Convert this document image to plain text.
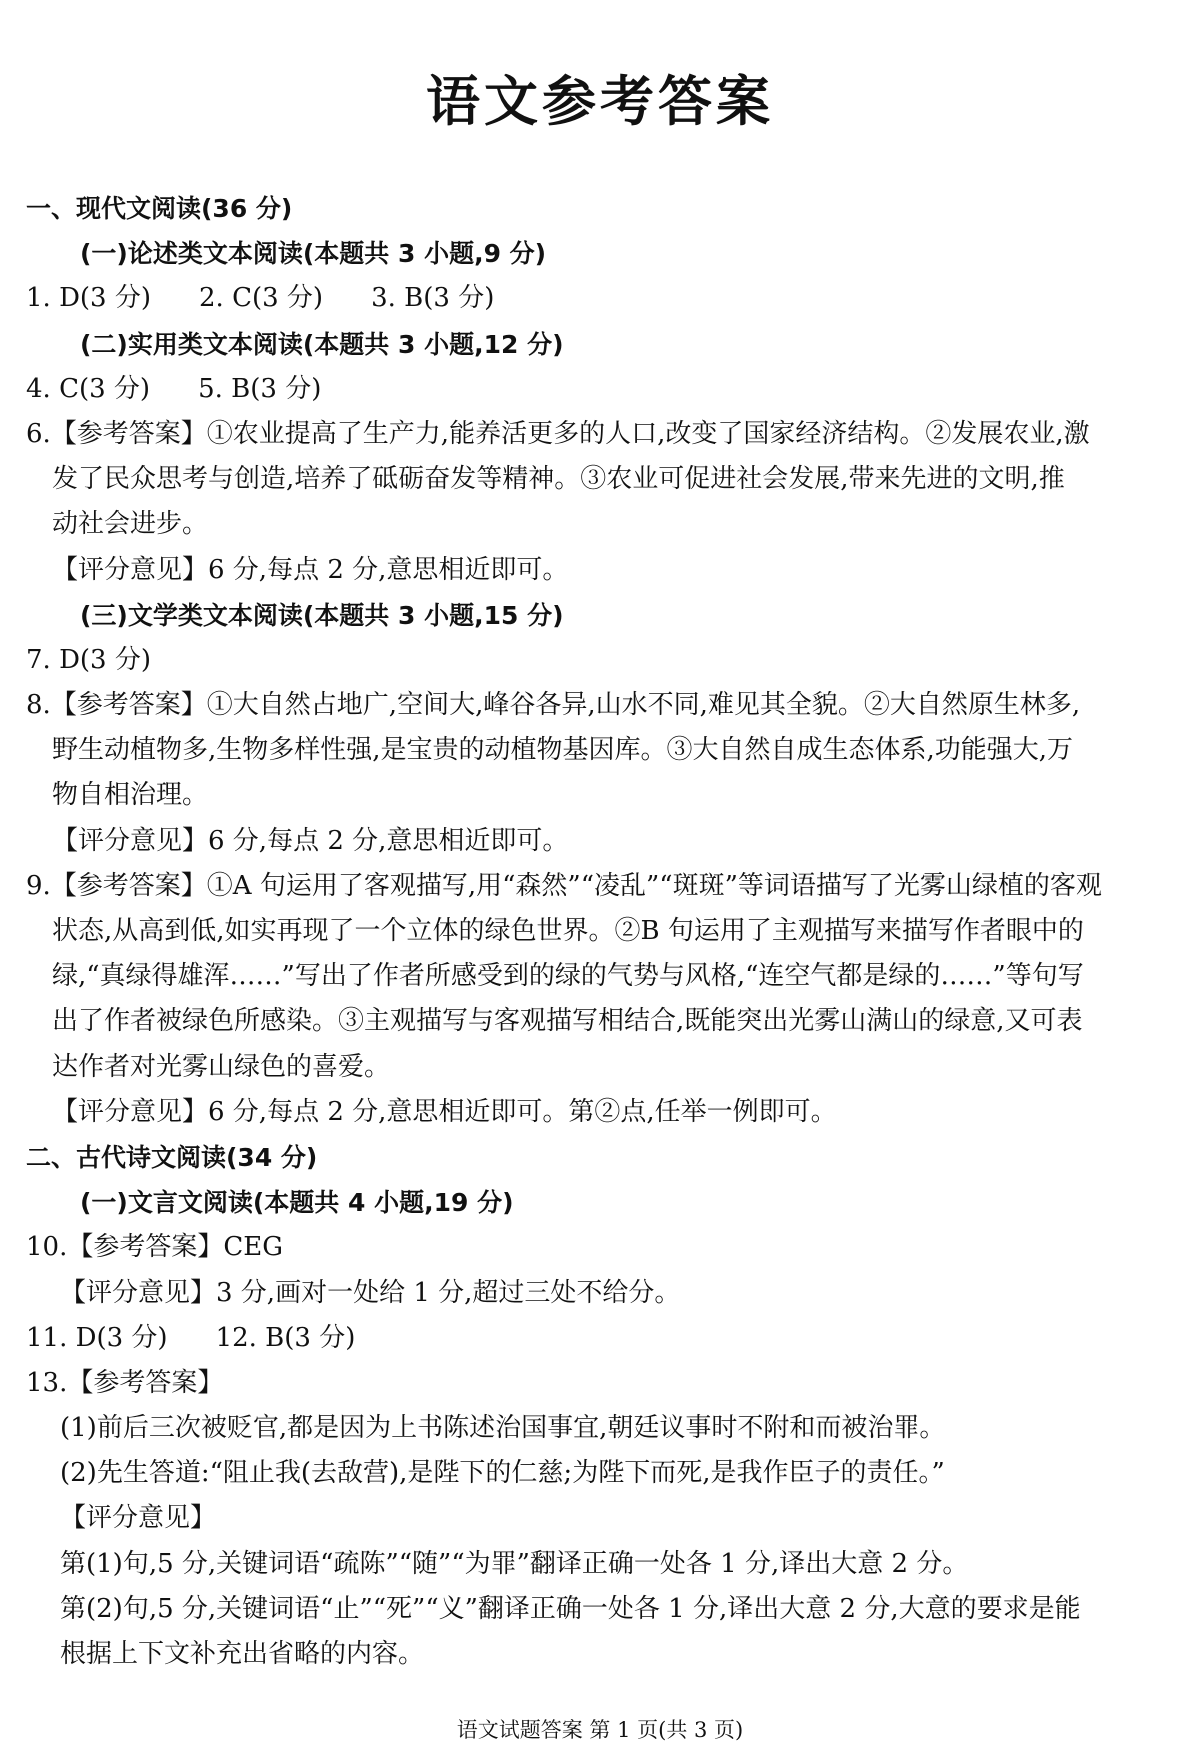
语文参考答案
一、现代文阅读(36 分)
(一)论述类文本阅读(本题共 3 小题,9 分)
1. D(3 分) 2. C(3 分) 3. B(3 分)
(二)实用类文本阅读(本题共 3 小题,12 分)
4. C(3 分) 5. B(3 分)
6.【参考答案】①农业提高了生产力,能养活更多的人口,改变了国家经济结构。②发展农业,激
发了民众思考与创造,培养了砥砺奋发等精神。③农业可促进社会发展,带来先进的文明,推
动社会进步。
【评分意见】6 分,每点 2 分,意思相近即可。
(三)文学类文本阅读(本题共 3 小题,15 分)
7. D(3 分)
8.【参考答案】①大自然占地广,空间大,峰谷各异,山水不同,难见其全貌。②大自然原生林多,
野生动植物多,生物多样性强,是宝贵的动植物基因库。③大自然自成生态体系,功能强大,万
物自相治理。
【评分意见】6 分,每点 2 分,意思相近即可。
9.【参考答案】①A 句运用了客观描写,用“森然”“凌乱”“斑斑”等词语描写了光雾山绿植的客观
状态,从高到低,如实再现了一个立体的绿色世界。②B 句运用了主观描写来描写作者眼中的
绿,“真绿得雄浑……”写出了作者所感受到的绿的气势与风格,“连空气都是绿的……”等句写
出了作者被绿色所感染。③主观描写与客观描写相结合,既能突出光雾山满山的绿意,又可表
达作者对光雾山绿色的喜爱。
【评分意见】6 分,每点 2 分,意思相近即可。第②点,任举一例即可。
二、古代诗文阅读(34 分)
(一)文言文阅读(本题共 4 小题,19 分)
10.【参考答案】CEG
【评分意见】3 分,画对一处给 1 分,超过三处不给分。
11. D(3 分) 12. B(3 分)
13.【参考答案】
(1)前后三次被贬官,都是因为上书陈述治国事宜,朝廷议事时不附和而被治罪。
(2)先生答道:“阻止我(去敌营),是陛下的仁慈;为陛下而死,是我作臣子的责任。”
【评分意见】
第(1)句,5 分,关键词语“疏陈”“随”“为罪”翻译正确一处各 1 分,译出大意 2 分。
第(2)句,5 分,关键词语“止”“死”“义”翻译正确一处各 1 分,译出大意 2 分,大意的要求是能
根据上下文补充出省略的内容。
语文试题答案 第 1 页(共 3 页)
